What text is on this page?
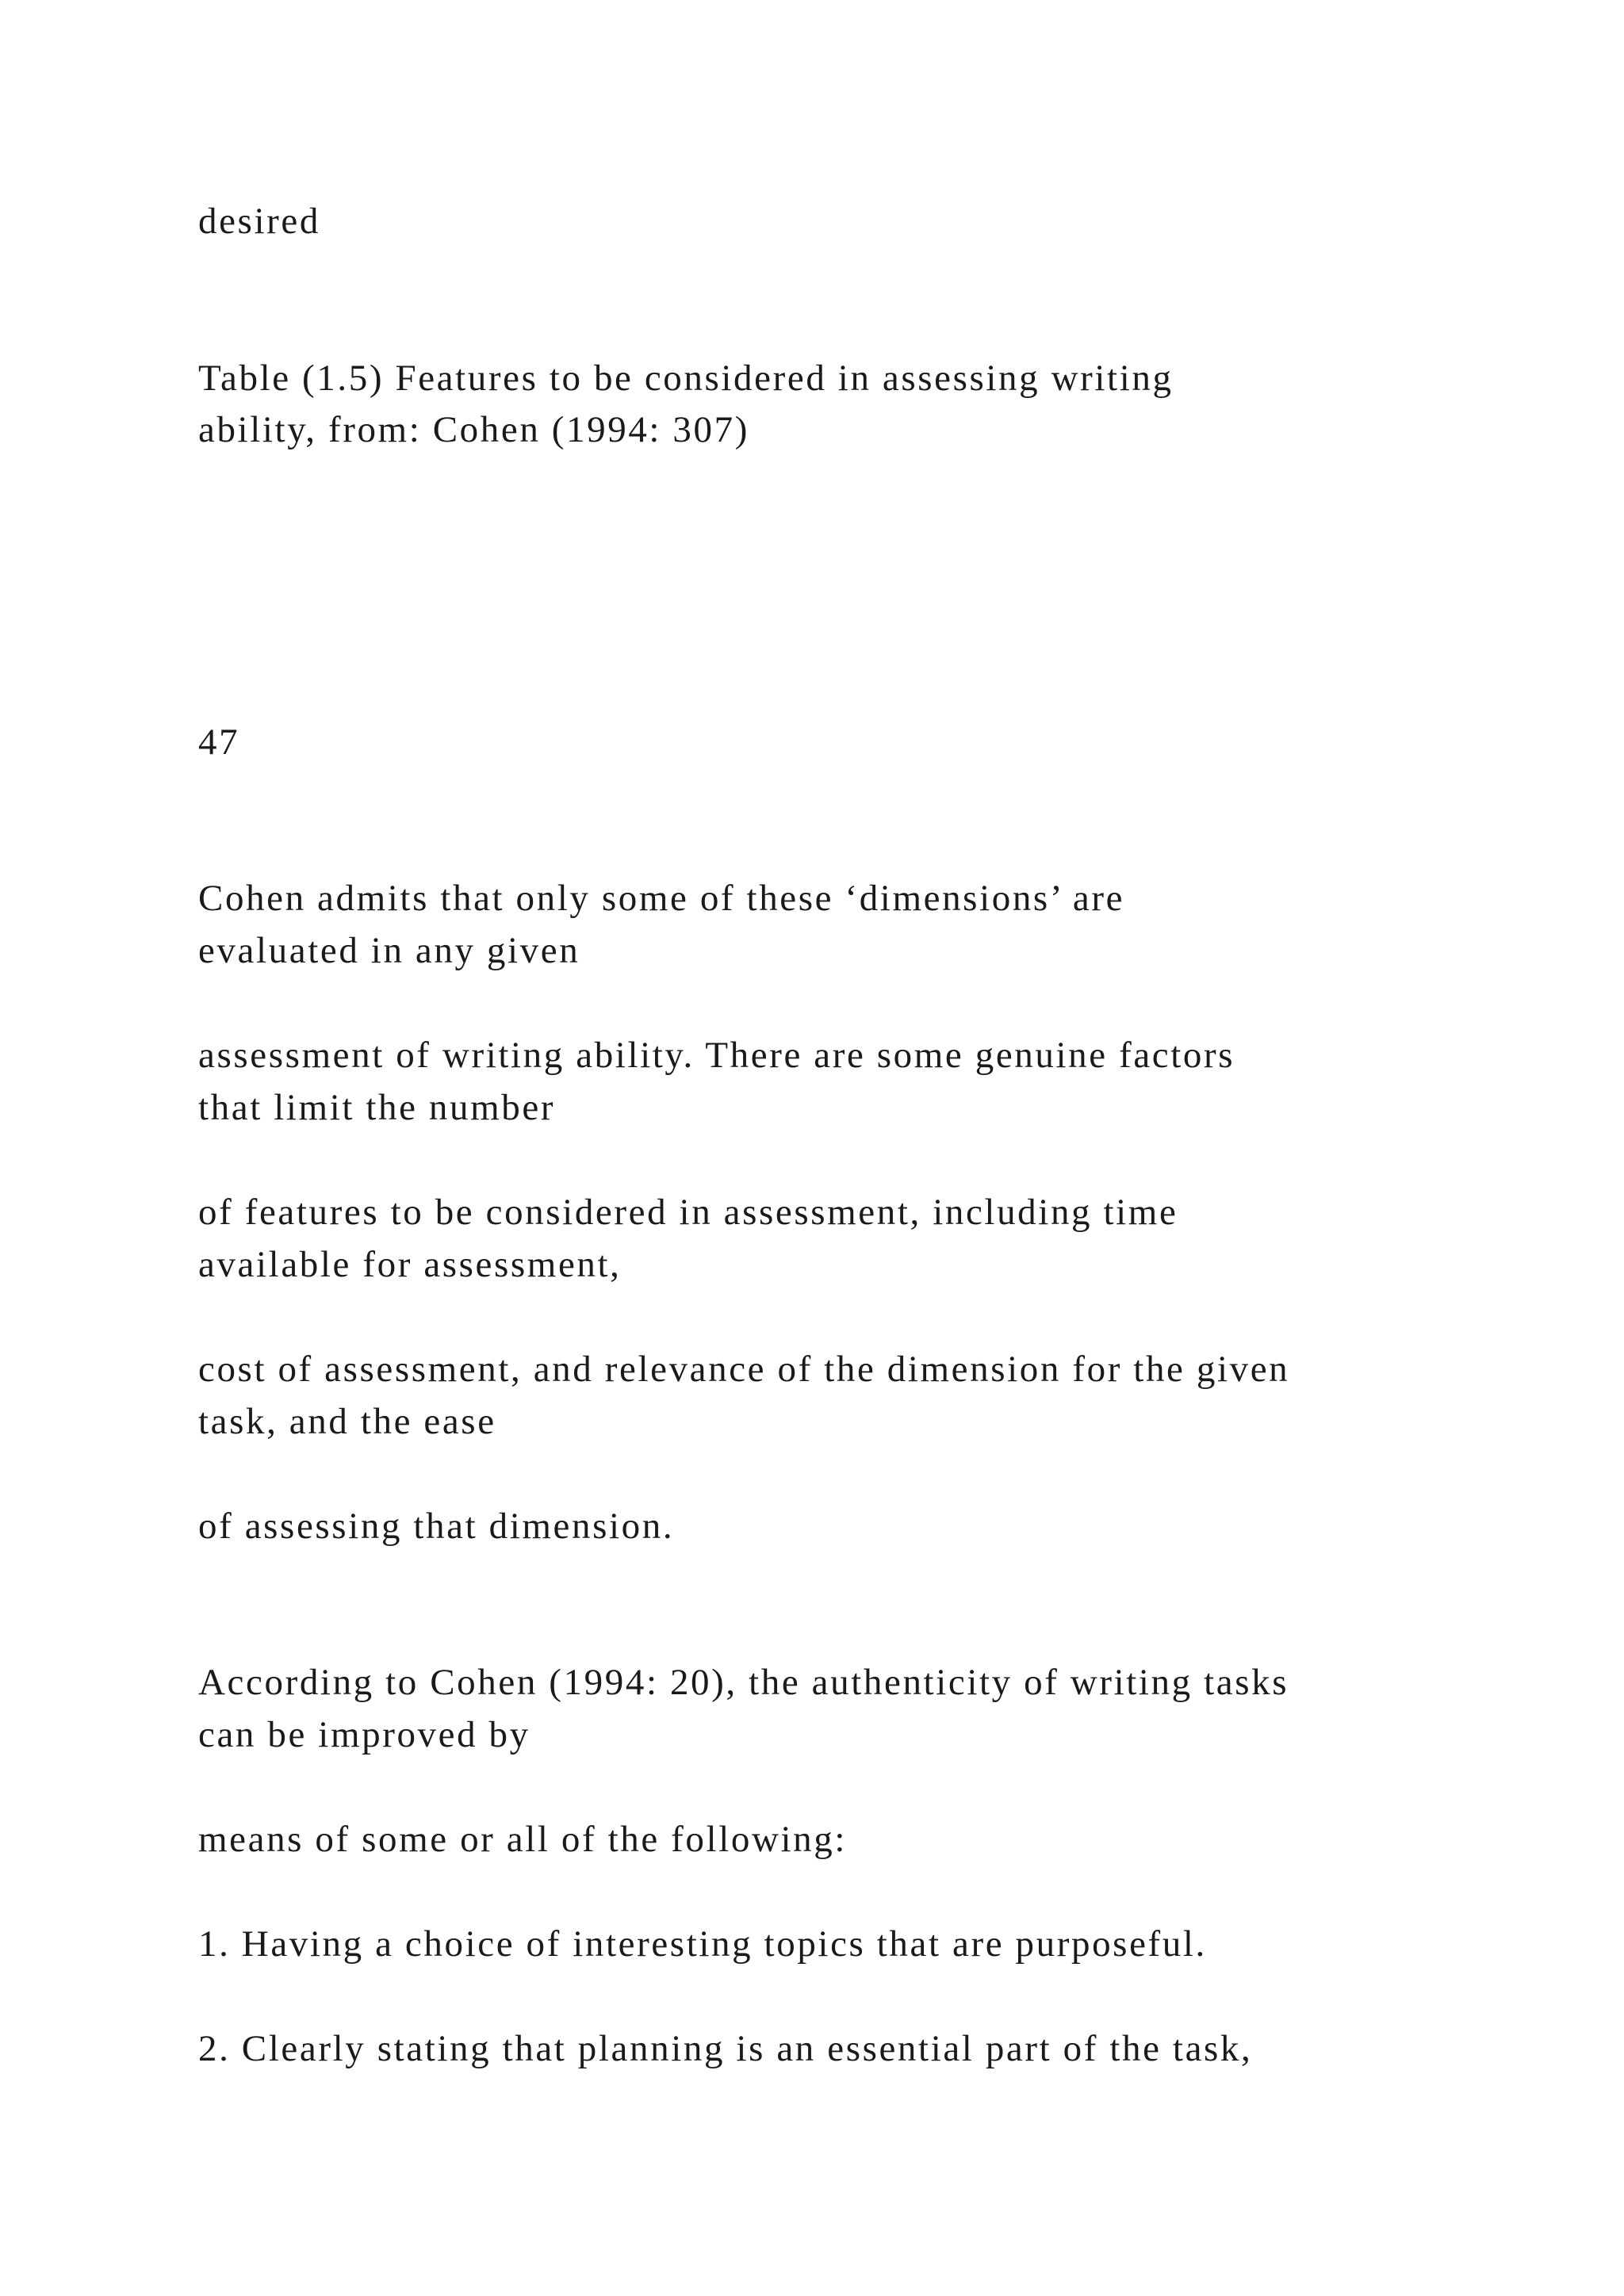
desired

Table (1.5) Features to be considered in assessing writing

ability, from: Cohen (1994: 307)

47

Cohen admits that only some of these ‘dimensions’ are

evaluated in any given

assessment of writing ability. There are some genuine factors

that limit the number

of features to be considered in assessment, including time

available for assessment,

cost of assessment, and relevance of the dimension for the given

task, and the ease

of assessing that dimension.

According to Cohen (1994: 20), the authenticity of writing tasks

can be improved by

means of some or all of the following:

1. Having a choice of interesting topics that are purposeful.

2. Clearly stating that planning is an essential part of the task,
